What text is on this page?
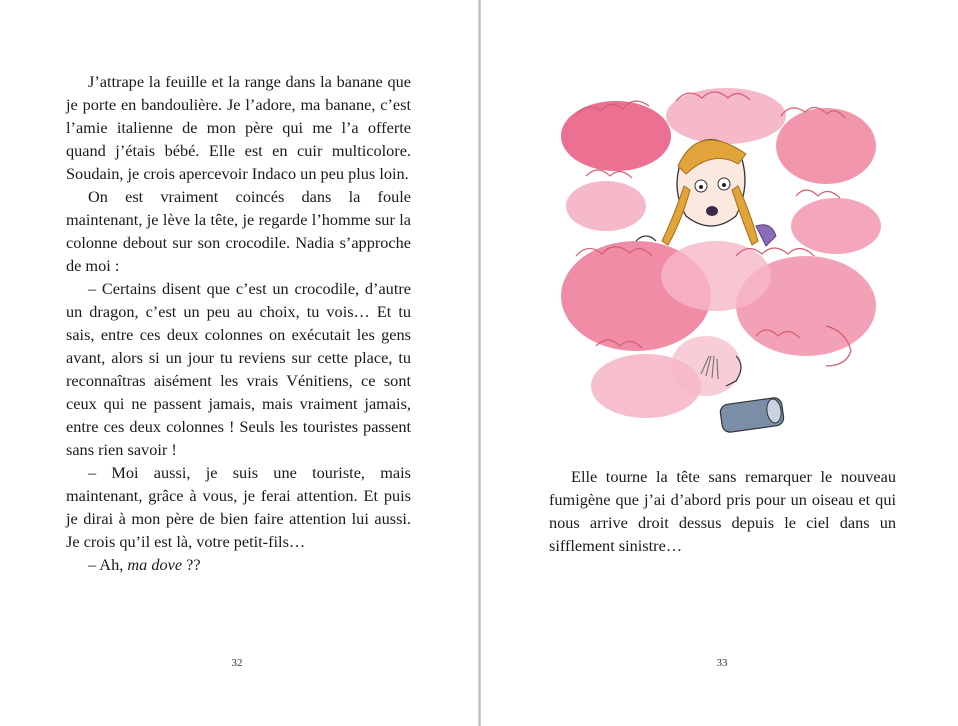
J’attrape la feuille et la range dans la banane que je porte en bandoulière. Je l’adore, ma banane, c’est l’amie italienne de mon père qui me l’a offerte quand j’étais bébé. Elle est en cuir multicolore. Soudain, je crois apercevoir Indaco un peu plus loin.

On est vraiment coincés dans la foule maintenant, je lève la tête, je regarde l’homme sur la colonne debout sur son crocodile. Nadia s’approche de moi :

– Certains disent que c’est un crocodile, d’autre un dragon, c’est un peu au choix, tu vois… Et tu sais, entre ces deux colonnes on exécutait les gens avant, alors si un jour tu reviens sur cette place, tu reconnaîtras aisément les vrais Vénitiens, ce sont ceux qui ne passent jamais, mais vraiment jamais, entre ces deux colonnes ! Seuls les touristes passent sans rien savoir !

– Moi aussi, je suis une touriste, mais maintenant, grâce à vous, je ferai attention. Et puis je dirai à mon père de bien faire attention lui aussi. Je crois qu’il est là, votre petit-fils…

– Ah, ma dove ??

32

Elle tourne la tête sans remarquer le nouveau fumigène que j’ai d’abord pris pour un oiseau et qui nous arrive droit dessus depuis le ciel dans un sifflement sinistre…

33
